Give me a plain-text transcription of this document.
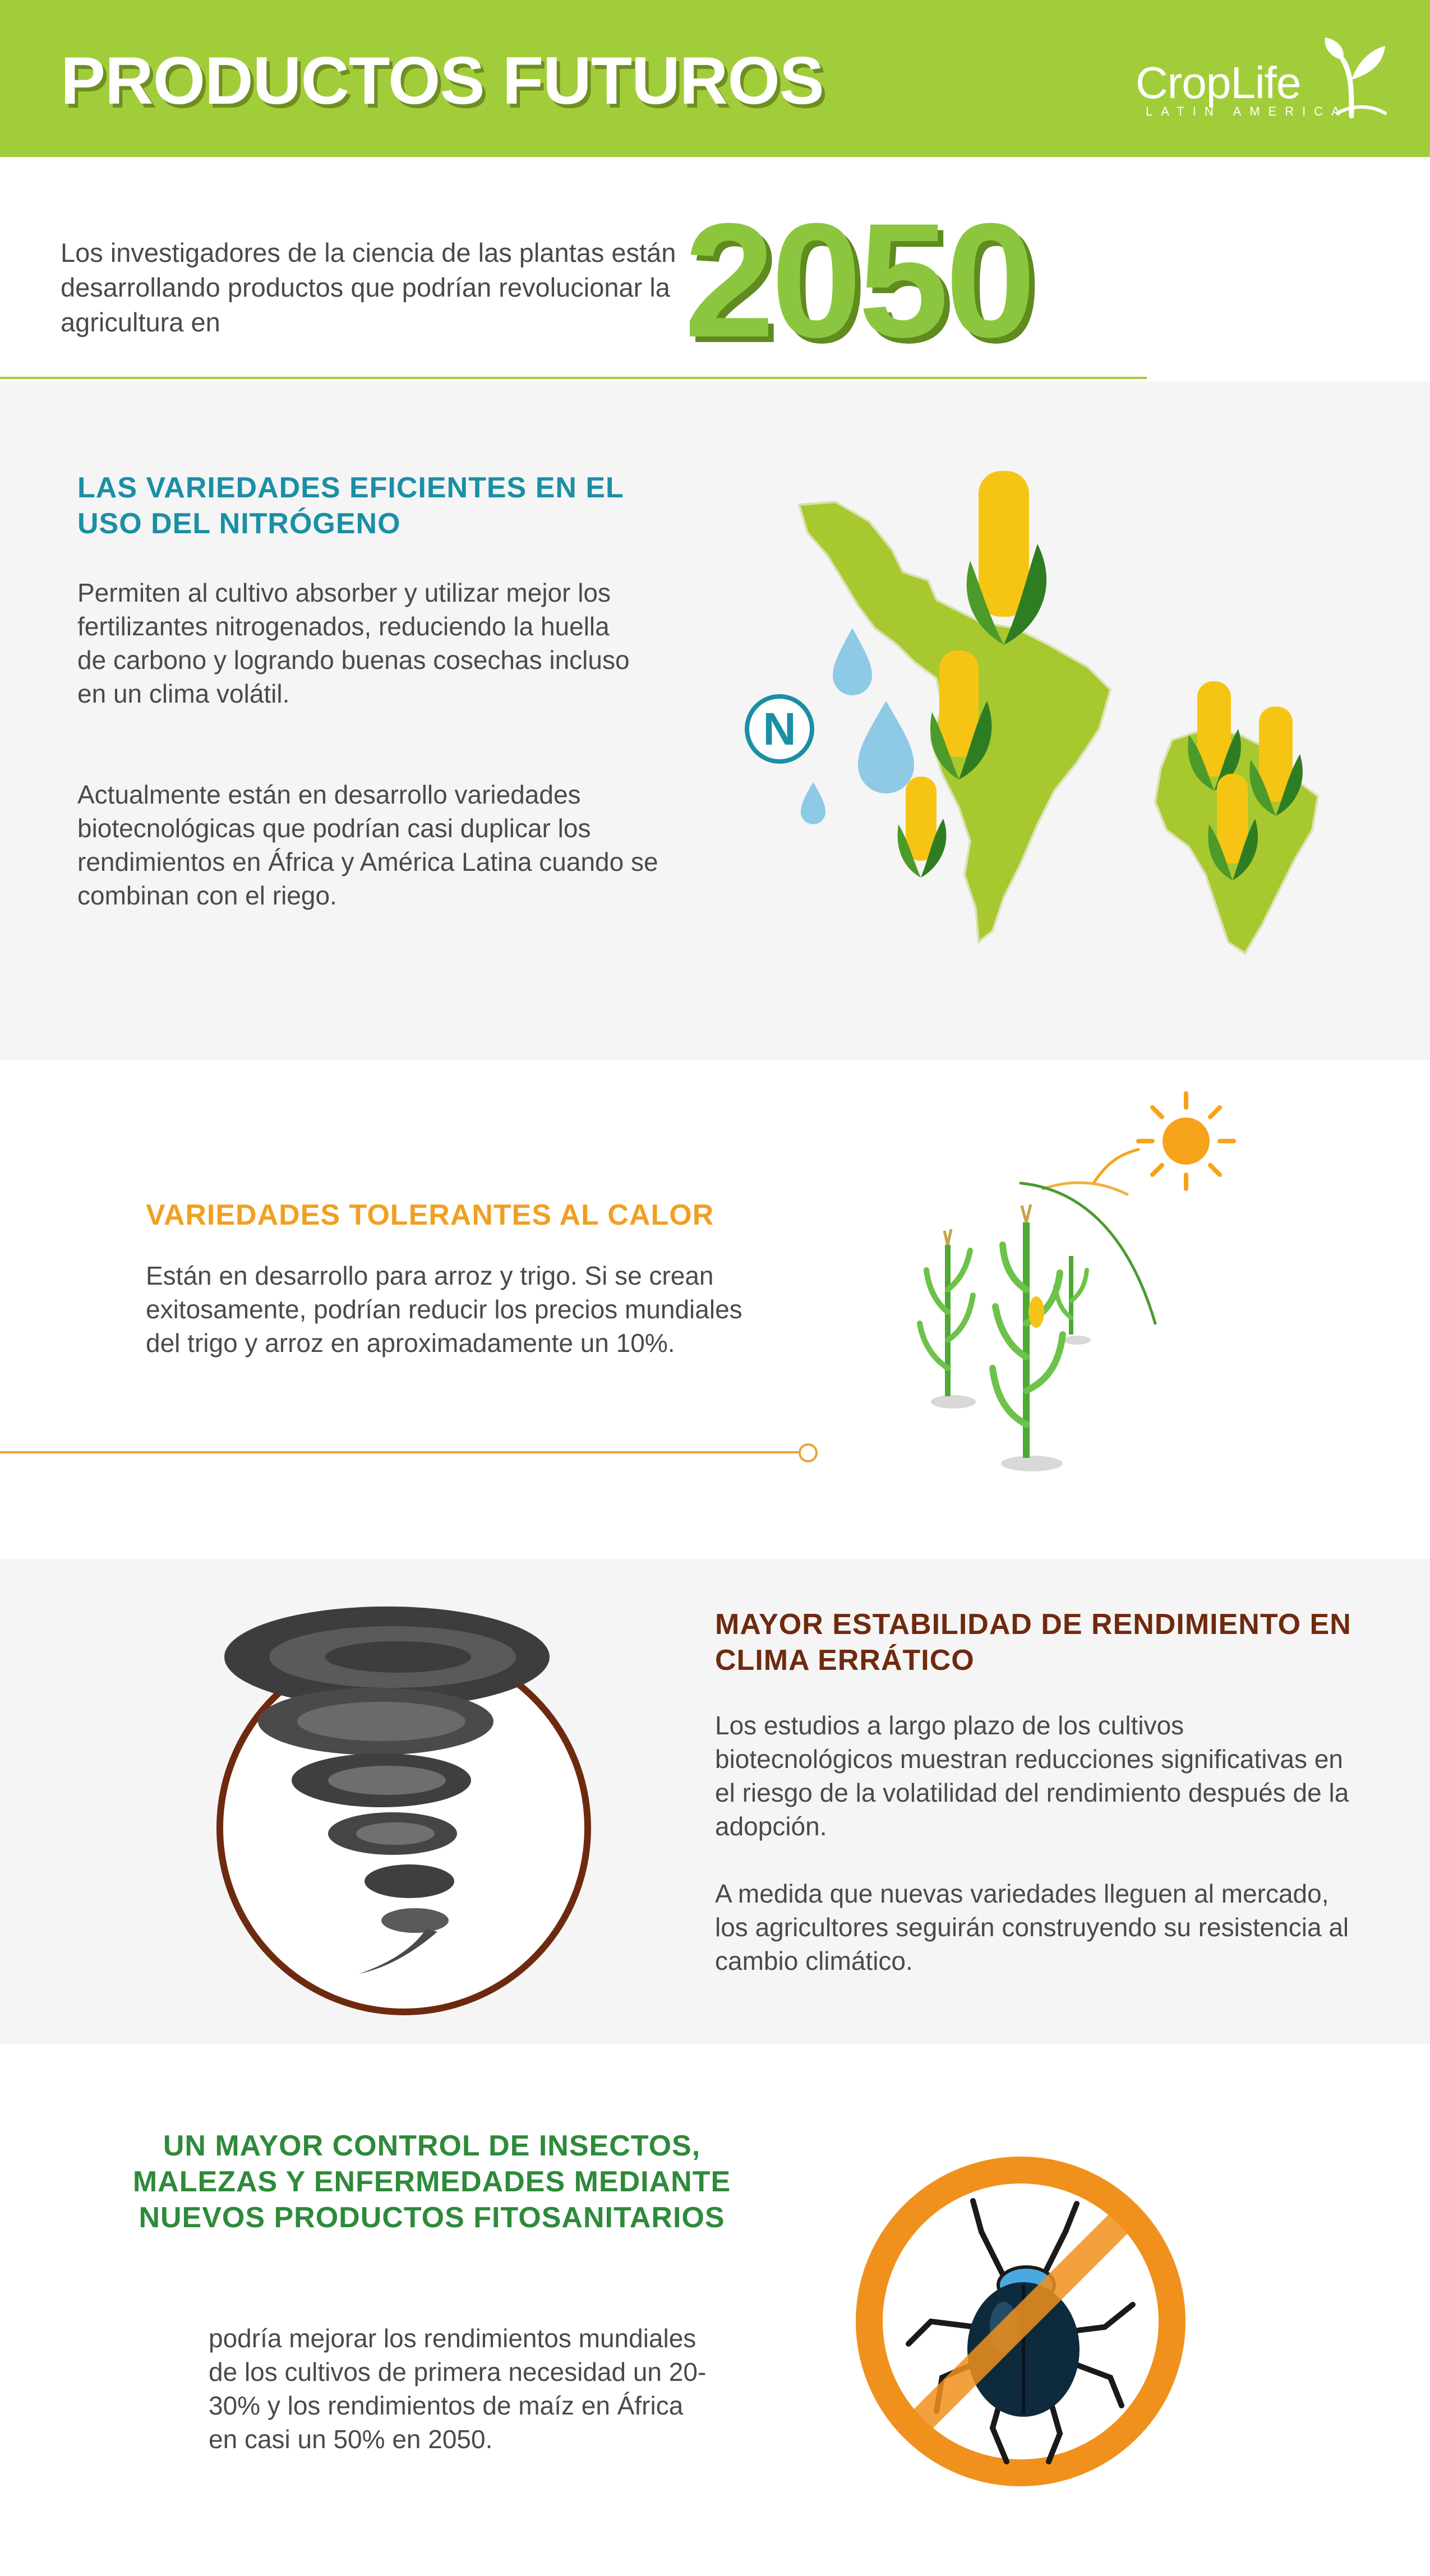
PRODUCTOS FUTUROS	CropLife
LATIN AMERICA
Los investigadores de la ciencia de las plantas están desarrollando productos que podrían revolucionar la agricultura en	2050
LAS VARIEDADES EFICIENTES EN EL USO DEL NITRÓGENO
Permiten al cultivo absorber y utilizar mejor los fertilizantes nitrogenados, reduciendo la huella de carbono y logrando buenas cosechas incluso en un clima volátil.
Actualmente están en desarrollo variedades biotecnológicas que podrían casi duplicar los rendimientos en África y América Latina cuando se combinan con el riego.
N
VARIEDADES TOLERANTES AL CALOR
Están en desarrollo para arroz y trigo. Si se crean exitosamente, podrían reducir los precios mundiales del trigo y arroz en aproximadamente un 10%.
MAYOR ESTABILIDAD DE RENDIMIENTO EN CLIMA ERRÁTICO
Los estudios a largo plazo de los cultivos biotecnológicos muestran reducciones significativas en el riesgo de la volatilidad del rendimiento después de la adopción.
A medida que nuevas variedades lleguen al mercado, los agricultores seguirán construyendo su resistencia al cambio climático.
UN MAYOR CONTROL DE INSECTOS, MALEZAS Y ENFERMEDADES MEDIANTE NUEVOS PRODUCTOS FITOSANITARIOS
podría mejorar los rendimientos mundiales de los cultivos de primera necesidad un 20-30% y los rendimientos de maíz en África en casi un 50% en 2050.
